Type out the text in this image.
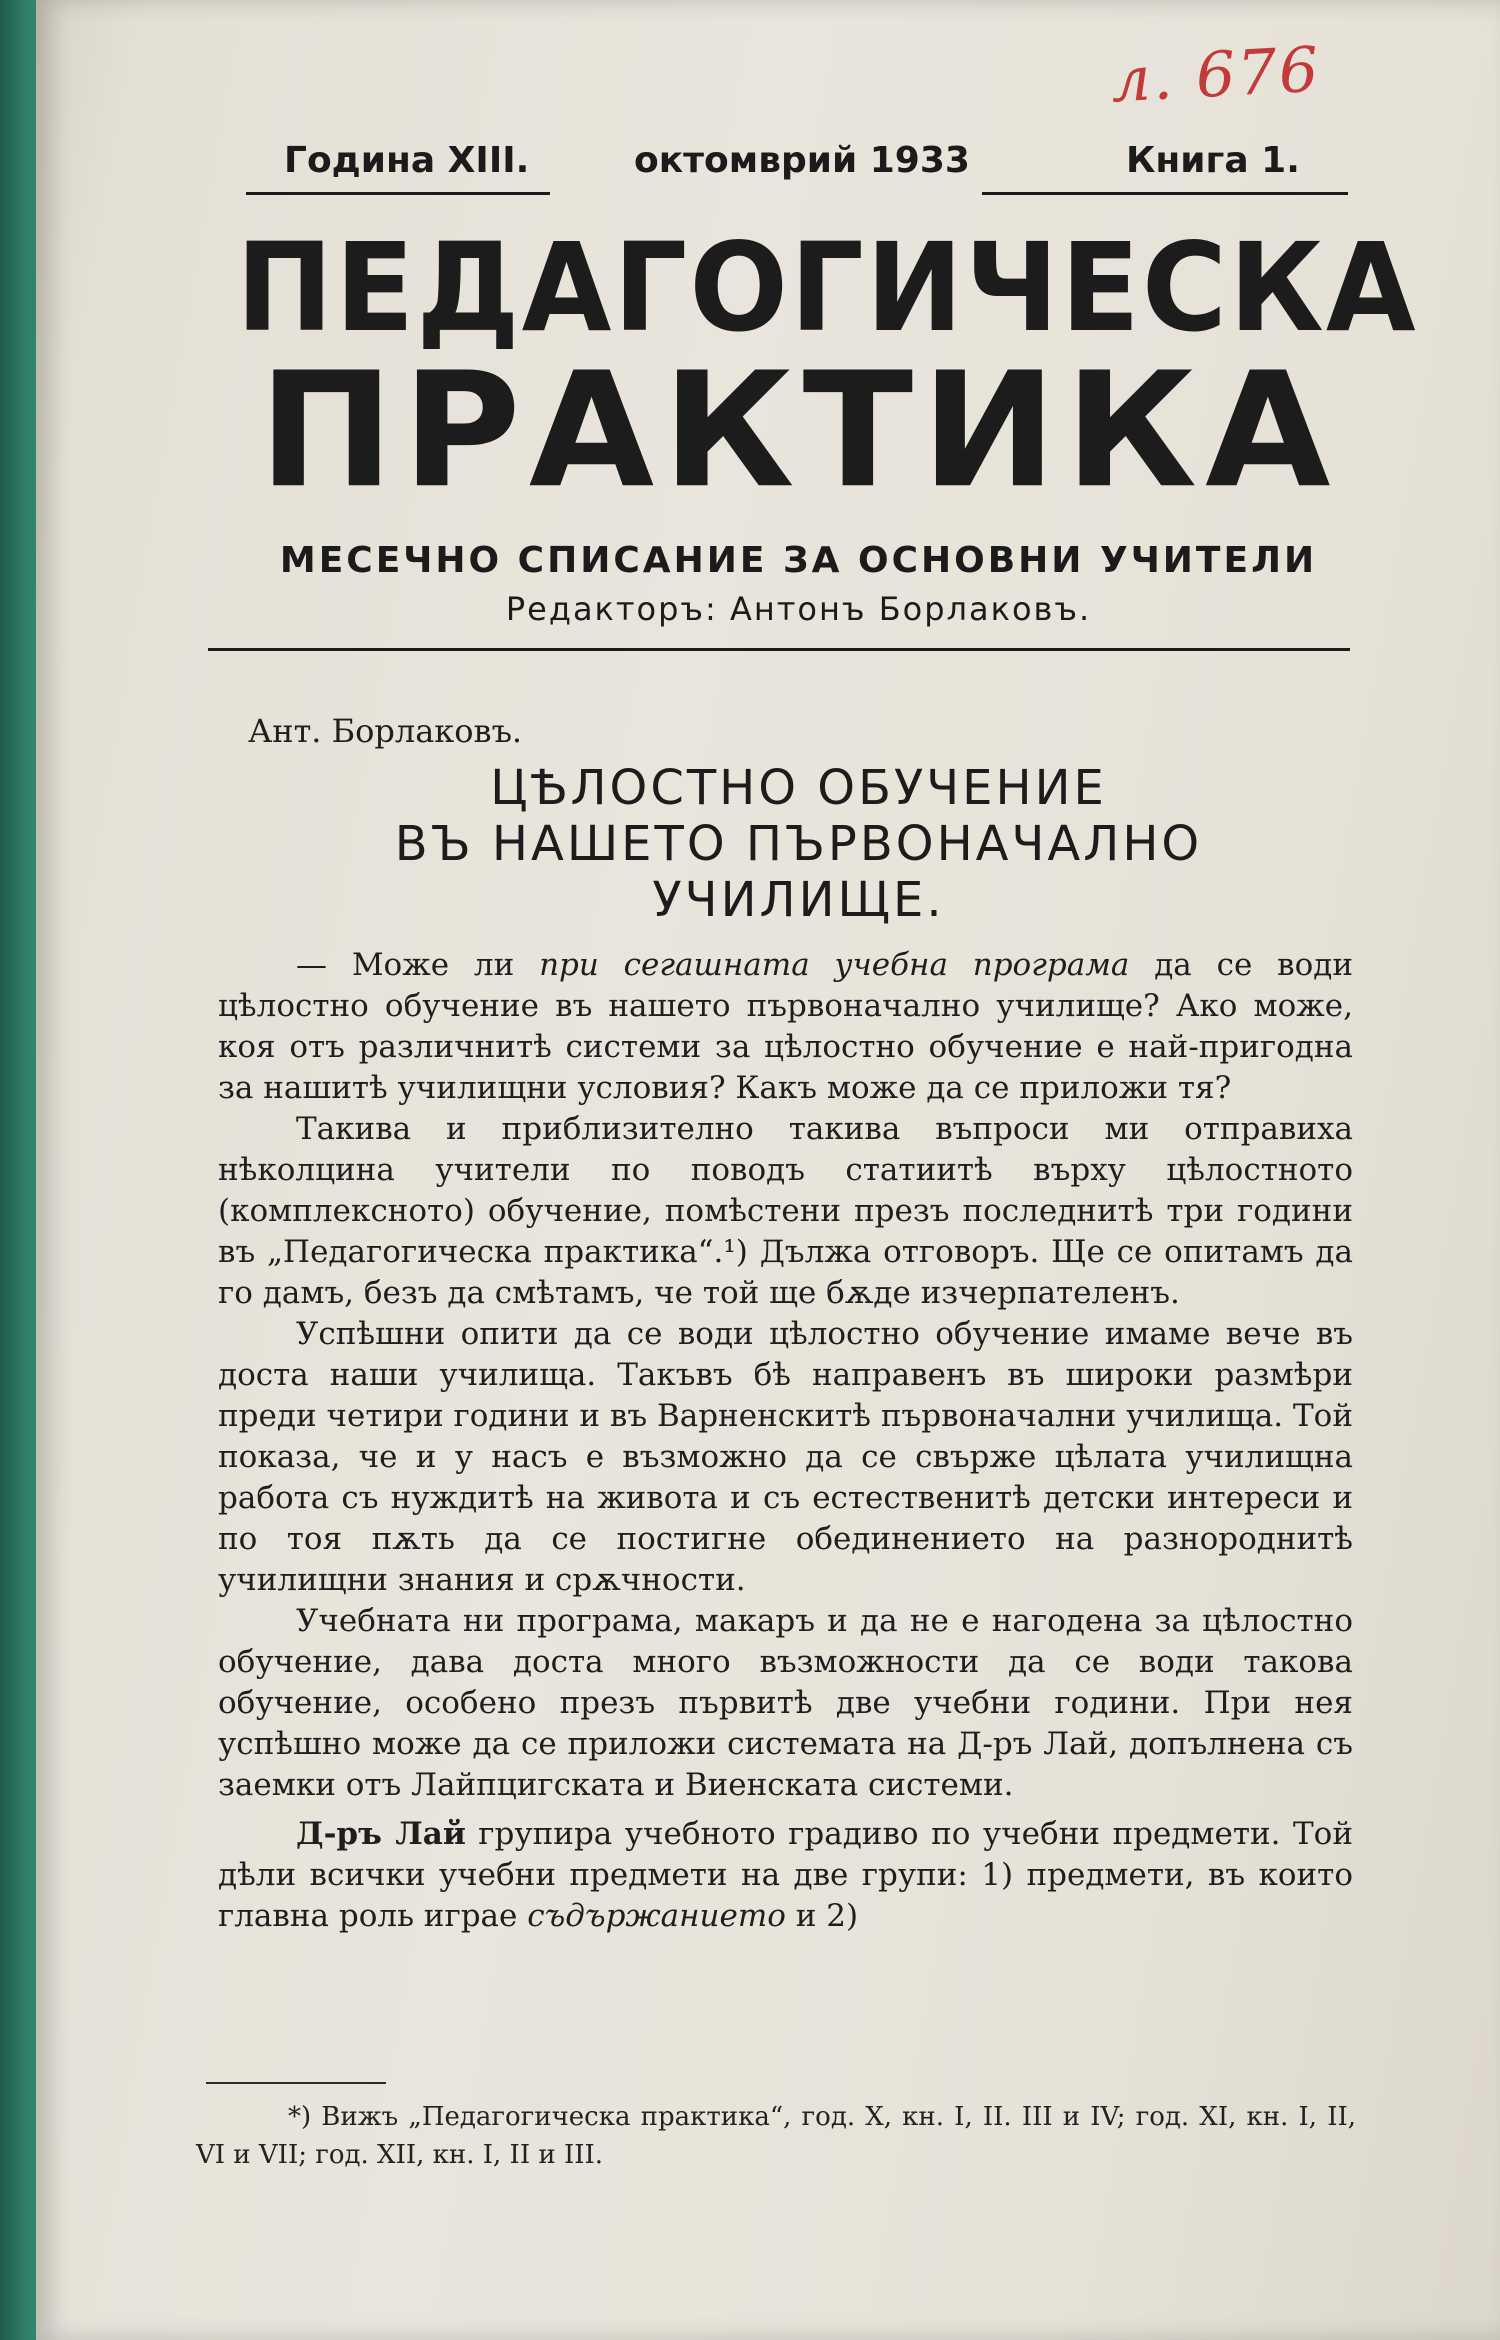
л. 676
Година XIII.	октомврий 1933	Книга 1.
ПЕДАГОГИЧЕСКА
ПРАКТИКА
МЕСЕЧНО СПИСАНИЕ ЗА ОСНОВНИ УЧИТЕЛИ
Редакторъ: Антонъ Борлаковъ.
Ант. Борлаковъ.
ЦѢЛОСТНО ОБУЧЕНИЕ
ВЪ НАШЕТО ПЪРВОНАЧАЛНО
УЧИЛИЩЕ.

— Може ли при сегашната учебна програма да се води цѣлостно обучение въ нашето първоначално училище? Ако може, коя отъ различнитѣ системи за цѣлостно обучение е най-пригодна за нашитѣ училищни условия? Какъ може да се приложи тя?

Такива и приблизително такива въпроси ми отправиха нѣколцина учители по поводъ статиитѣ върху цѣлостното (комплексното) обучение, помѣстени презъ последнитѣ три години въ „Педагогическа практика“.¹) Дължа отговоръ. Ще се опитамъ да го дамъ, безъ да смѣтамъ, че той ще бѫде изчерпателенъ.

Успѣшни опити да се води цѣлостно обучение имаме вече въ доста наши училища. Такъвъ бѣ направенъ въ широки размѣри преди четири години и въ Варненскитѣ първоначални училища. Той показа, че и у насъ е възможно да се свърже цѣлата училищна работа съ нуждитѣ на живота и съ естественитѣ детски интереси и по тоя пѫть да се постигне обединението на разнороднитѣ училищни знания и срѫчности.

Учебната ни програма, макаръ и да не е нагодена за цѣлостно обучение, дава доста много възможности да се води такова обучение, особено презъ първитѣ две учебни години. При нея успѣшно може да се приложи системата на Д-ръ Лай, допълнена съ заемки отъ Лайпцигската и Виенската системи.

Д-ръ Лай групира учебното градиво по учебни предмети. Той дѣли всички учебни предмети на две групи: 1) предмети, въ които главна роль играе съдържанието и 2)

*) Вижъ „Педагогическа практика“, год. X, кн. I, II. III и IV; год. XI, кн. I, II, VI и VII; год. XII, кн. I, II и III.
